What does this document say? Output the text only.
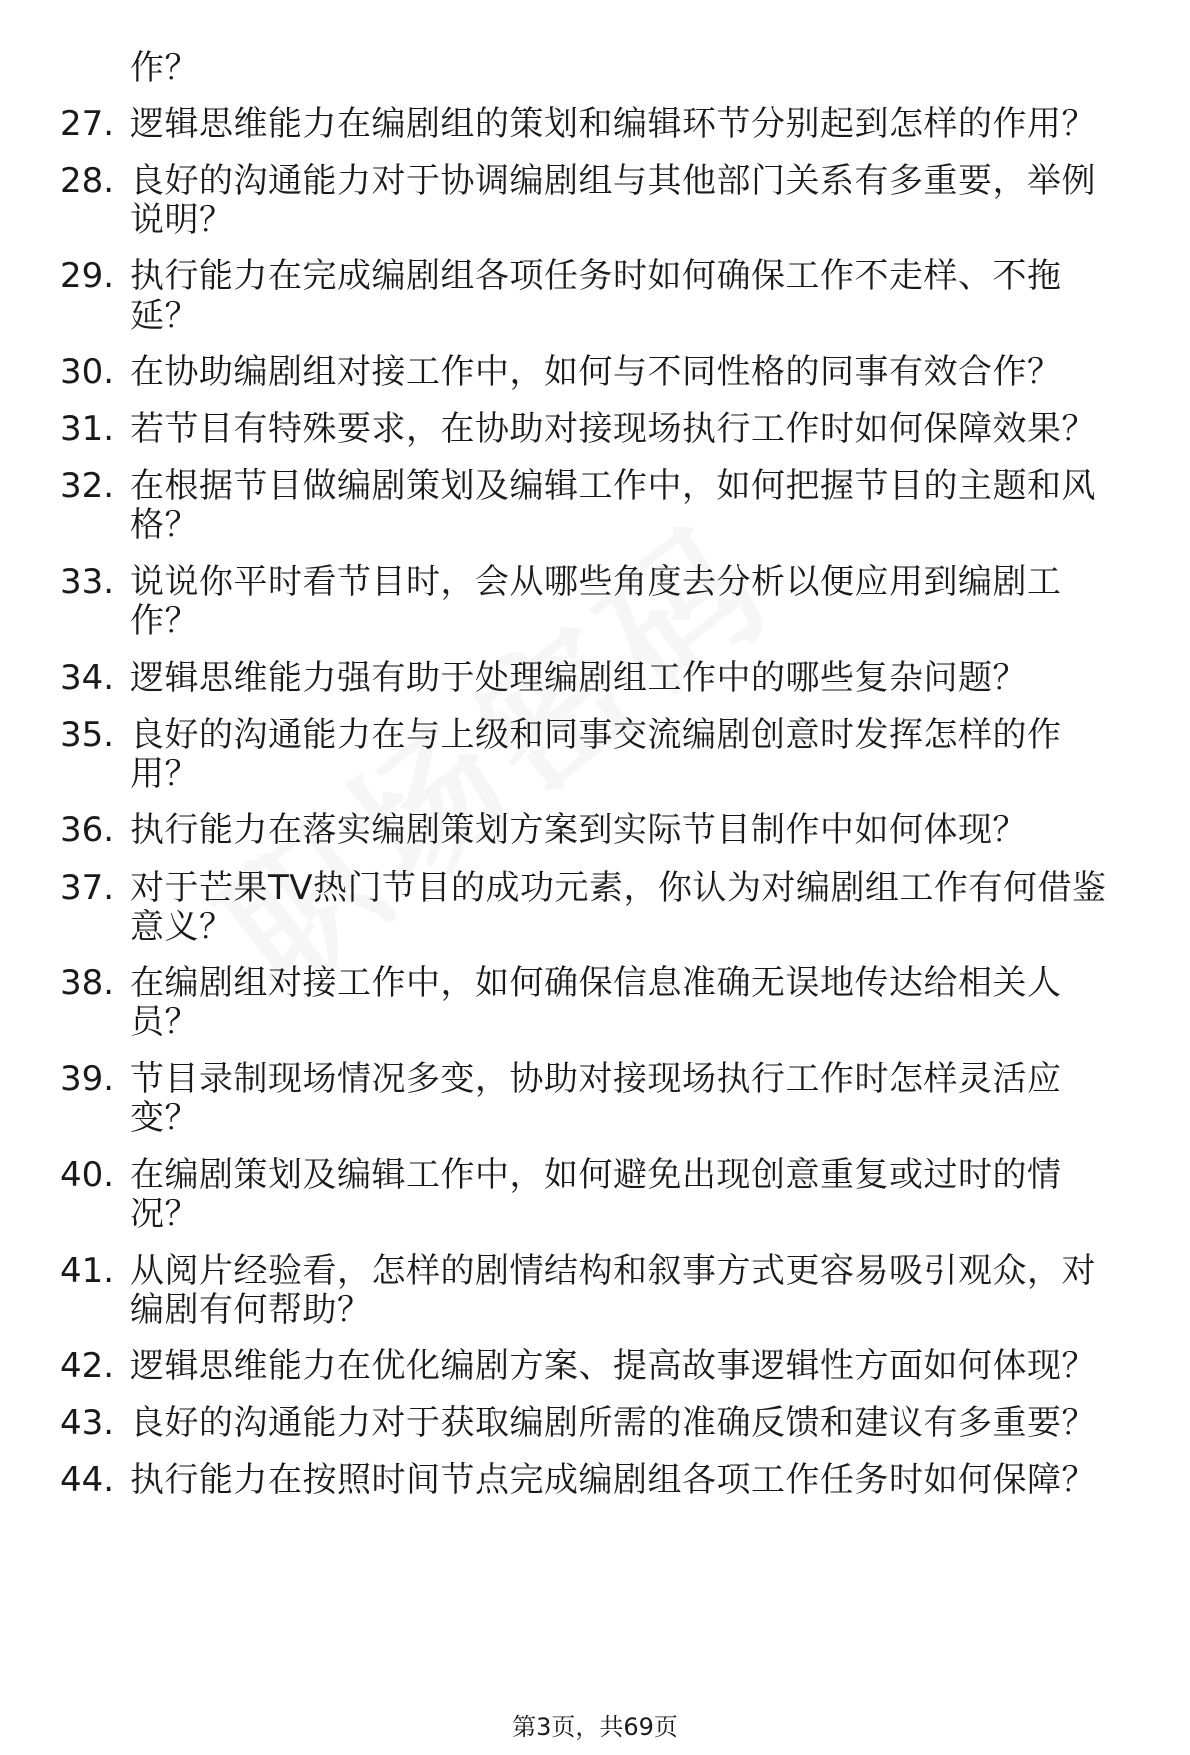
作？
27. 逻辑思维能力在编剧组的策划和编辑环节分别起到怎样的作用？
28. 良好的沟通能力对于协调编剧组与其他部门关系有多重要，举例
说明？
29. 执行能力在完成编剧组各项任务时如何确保工作不走样、不拖
延？
30. 在协助编剧组对接工作中，如何与不同性格的同事有效合作？
31. 若节目有特殊要求，在协助对接现场执行工作时如何保障效果？
32. 在根据节目做编剧策划及编辑工作中，如何把握节目的主题和风
格？
33. 说说你平时看节目时，会从哪些角度去分析以便应用到编剧工
作？
34. 逻辑思维能力强有助于处理编剧组工作中的哪些复杂问题？
35. 良好的沟通能力在与上级和同事交流编剧创意时发挥怎样的作
用？
36. 执行能力在落实编剧策划方案到实际节目制作中如何体现？
37. 对于芒果TV热门节目的成功元素，你认为对编剧组工作有何借鉴
意义？
38. 在编剧组对接工作中，如何确保信息准确无误地传达给相关人
员？
39. 节目录制现场情况多变，协助对接现场执行工作时怎样灵活应
变？
40. 在编剧策划及编辑工作中，如何避免出现创意重复或过时的情
况？
41. 从阅片经验看，怎样的剧情结构和叙事方式更容易吸引观众，对
编剧有何帮助？
42. 逻辑思维能力在优化编剧方案、提高故事逻辑性方面如何体现？
43. 良好的沟通能力对于获取编剧所需的准确反馈和建议有多重要？
44. 执行能力在按照时间节点完成编剧组各项工作任务时如何保障？
第3页，共69页
